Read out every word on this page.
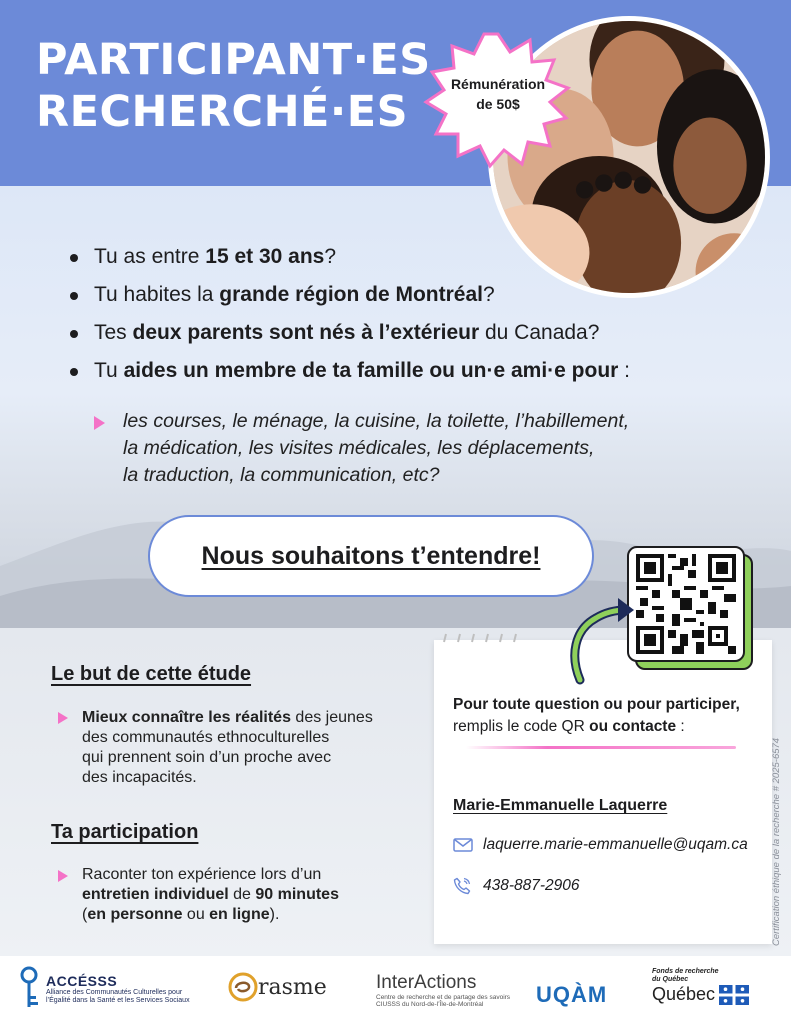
PARTICIPANT·ES
RECHERCHÉ·ES
Rémunération
de 50$
Tu as entre 15 et 30 ans?
Tu habites la grande région de Montréal?
Tes deux parents sont nés à l’extérieur du Canada?
Tu aides un membre de ta famille ou un·e ami·e pour :
les courses, le ménage, la cuisine, la toilette, l’habillement,
la médication, les visites médicales, les déplacements,
la traduction, la communication, etc?
Nous souhaitons t’entendre!
Le but de cette étude
Mieux connaître les réalités des jeunes
des communautés ethnoculturelles
qui prennent soin d’un proche avec
des incapacités.
Ta participation
Raconter ton expérience lors d’un
entretien individuel de 90 minutes
(en personne ou en ligne).
Pour toute question ou pour participer,
remplis le code QR ou contacte :
Marie-Emmanuelle Laquerre
laquerre.marie-emmanuelle@uqam.ca
438-887-2906	Certification éthique de la recherche # 2025-6574
ACCÉSSS
Alliance des Communautés Culturelles pour
l’Égalité dans la Santé et les Services Sociaux
rasme	InterActions
Centre de recherche et de partage des savoirs
CIUSSS du Nord-de-l’Île-de-Montréal	UQÀM
Fonds de recherche
du Québec
Québec
